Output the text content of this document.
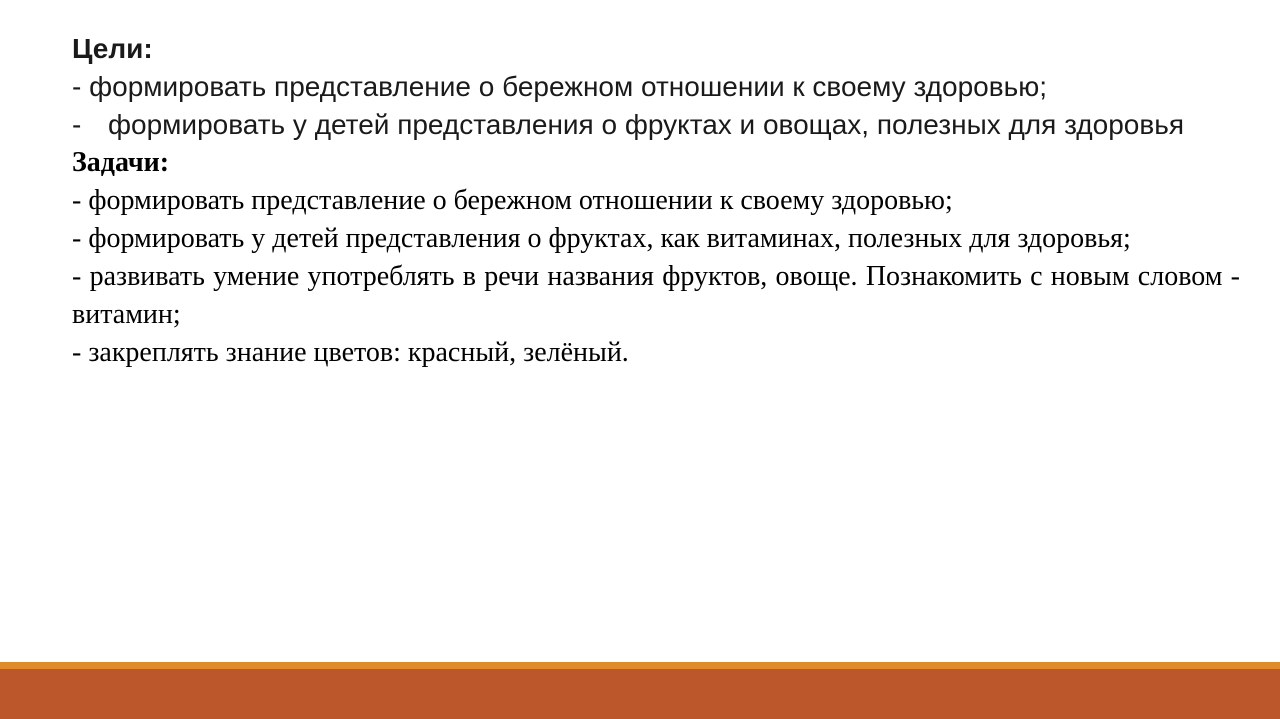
Цели:

- формировать представление о бережном отношении к своему здоровью;

- формировать у детей представления о фруктах и овощах, полезных для здоровья

Задачи:

- формировать представление о бережном отношении к своему здоровью;

- формировать у детей представления о фруктах, как витаминах, полезных для здоровья;

- развивать умение употреблять в речи названия фруктов, овоще. Познакомить с новым словом - витамин;

- закреплять знание цветов: красный, зелёный.
